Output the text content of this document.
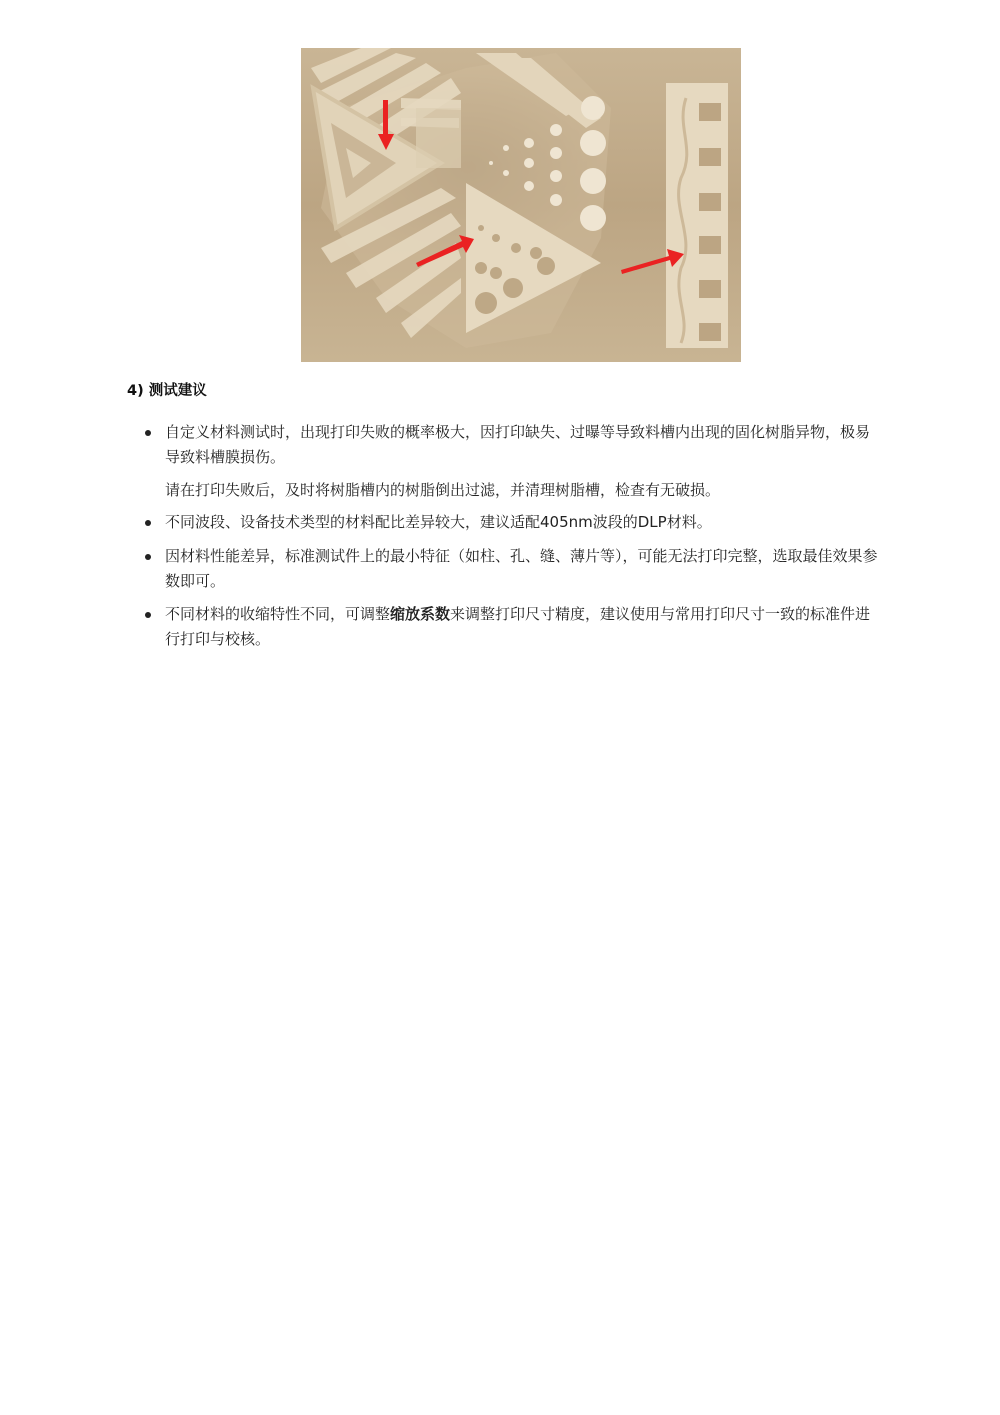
4) 测试建议
自定义材料测试时，出现打印失败的概率极大，因打印缺失、过曝等导致料槽内出现的固化树脂异物，极易导致料槽膜损伤。
不同波段、设备技术类型的材料配比差异较大，建议适配405nm波段的DLP材料。
因材料性能差异，标准测试件上的最小特征（如柱、孔、缝、薄片等），可能无法打印完整，选取最佳效果参数即可。
不同材料的收缩特性不同，可调整缩放系数来调整打印尺寸精度，建议使用与常用打印尺寸一致的标准件进行打印与校核。
请在打印失败后，及时将树脂槽内的树脂倒出过滤，并清理树脂槽，检查有无破损。
